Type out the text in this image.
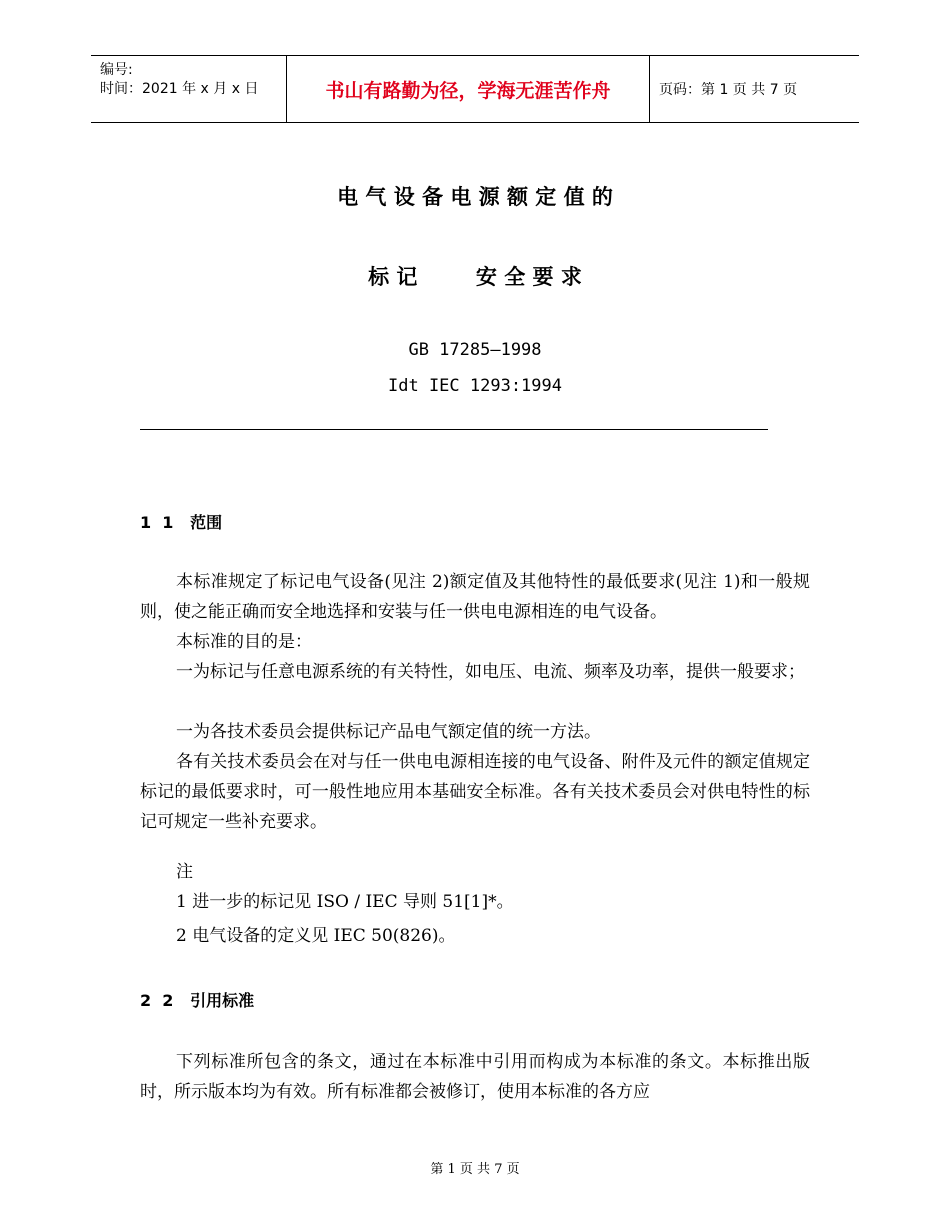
编号:
时间：2021 年 x 月 x 日	书山有路勤为径，学海无涯苦作舟	页码：第 1 页 共 7 页
电 气 设 备 电 源 额 定 值 的
标 记        安 全 要 求
GB 17285—1998
Idt IEC 1293:1994
1  1   范围
本标准规定了标记电气设备(见注 2)额定值及其他特性的最低要求(见注 1)和一般规则，使之能正确而安全地选择和安装与任一供电电源相连的电气设备。
本标准的目的是：
一为标记与任意电源系统的有关特性，如电压、电流、频率及功率，提供一般要求；
一为各技术委员会提供标记产品电气额定值的统一方法。
各有关技术委员会在对与任一供电电源相连接的电气设备、附件及元件的额定值规定标记的最低要求时，可一般性地应用本基础安全标准。各有关技术委员会对供电特性的标记可规定一些补充要求。
注
1 进一步的标记见 ISO / IEC 导则 51[1]*。
2 电气设备的定义见 IEC 50(826)。
2  2   引用标准
下列标准所包含的条文，通过在本标准中引用而构成为本标准的条文。本标推出版时，所示版本均为有效。所有标准都会被修订，使用本标准的各方应
第 1 页 共 7 页
